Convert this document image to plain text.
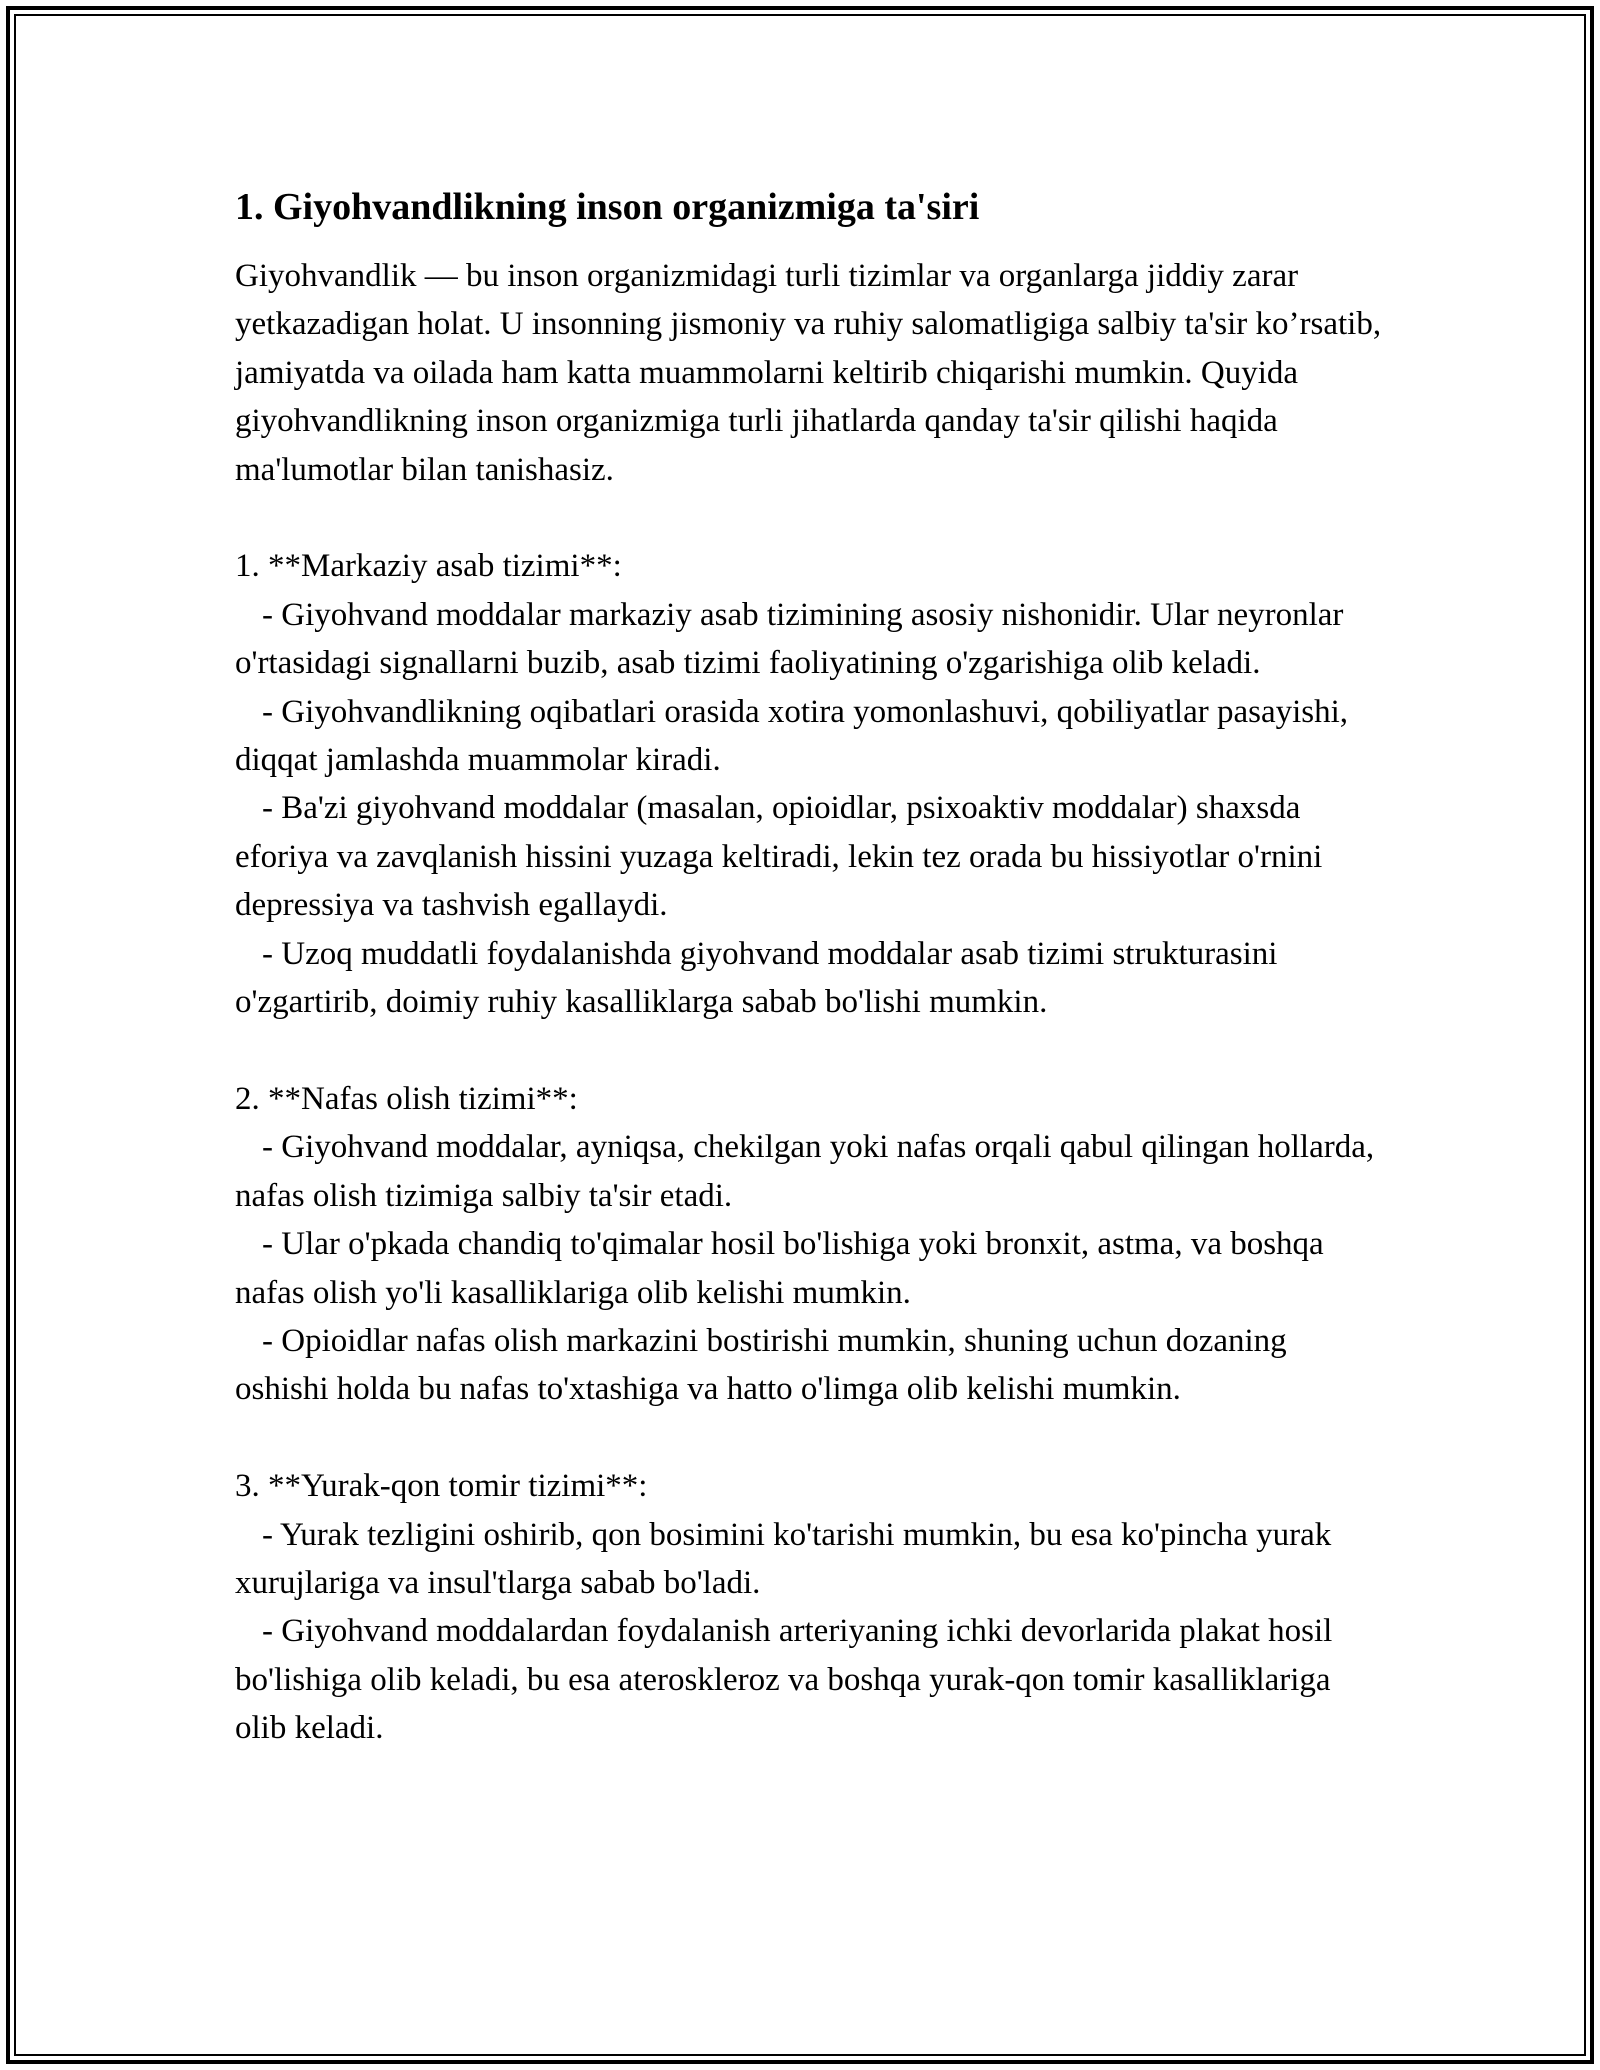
1. Giyohvandlikning inson organizmiga ta'siri

Giyohvandlik — bu inson organizmidagi turli tizimlar va organlarga jiddiy zarar yetkazadigan holat. U insonning jismoniy va ruhiy salomatligiga salbiy ta'sir ko’rsatib, jamiyatda va oilada ham katta muammolarni keltirib chiqarishi mumkin. Quyida giyohvandlikning inson organizmiga turli jihatlarda qanday ta'sir qilishi haqida ma'lumotlar bilan tanishasiz.

1. **Markaziy asab tizimi**:

- Giyohvand moddalar markaziy asab tizimining asosiy nishonidir. Ular neyronlar o'rtasidagi signallarni buzib, asab tizimi faoliyatining o'zgarishiga olib keladi.

- Giyohvandlikning oqibatlari orasida xotira yomonlashuvi, qobiliyatlar pasayishi, diqqat jamlashda muammolar kiradi.

- Ba'zi giyohvand moddalar (masalan, opioidlar, psixoaktiv moddalar) shaxsda eforiya va zavqlanish hissini yuzaga keltiradi, lekin tez orada bu hissiyotlar o'rnini depressiya va tashvish egallaydi.

- Uzoq muddatli foydalanishda giyohvand moddalar asab tizimi strukturasini o'zgartirib, doimiy ruhiy kasalliklarga sabab bo'lishi mumkin.

2. **Nafas olish tizimi**:

- Giyohvand moddalar, ayniqsa, chekilgan yoki nafas orqali qabul qilingan hollarda, nafas olish tizimiga salbiy ta'sir etadi.

- Ular o'pkada chandiq to'qimalar hosil bo'lishiga yoki bronxit, astma, va boshqa nafas olish yo'li kasalliklariga olib kelishi mumkin.

- Opioidlar nafas olish markazini bostirishi mumkin, shuning uchun dozaning oshishi holda bu nafas to'xtashiga va hatto o'limga olib kelishi mumkin.

3. **Yurak-qon tomir tizimi**:

- Yurak tezligini oshirib, qon bosimini ko'tarishi mumkin, bu esa ko'pincha yurak xurujlariga va insul'tlarga sabab bo'ladi.

- Giyohvand moddalardan foydalanish arteriyaning ichki devorlarida plakat hosil bo'lishiga olib keladi, bu esa ateroskleroz va boshqa yurak-qon tomir kasalliklariga olib keladi.
